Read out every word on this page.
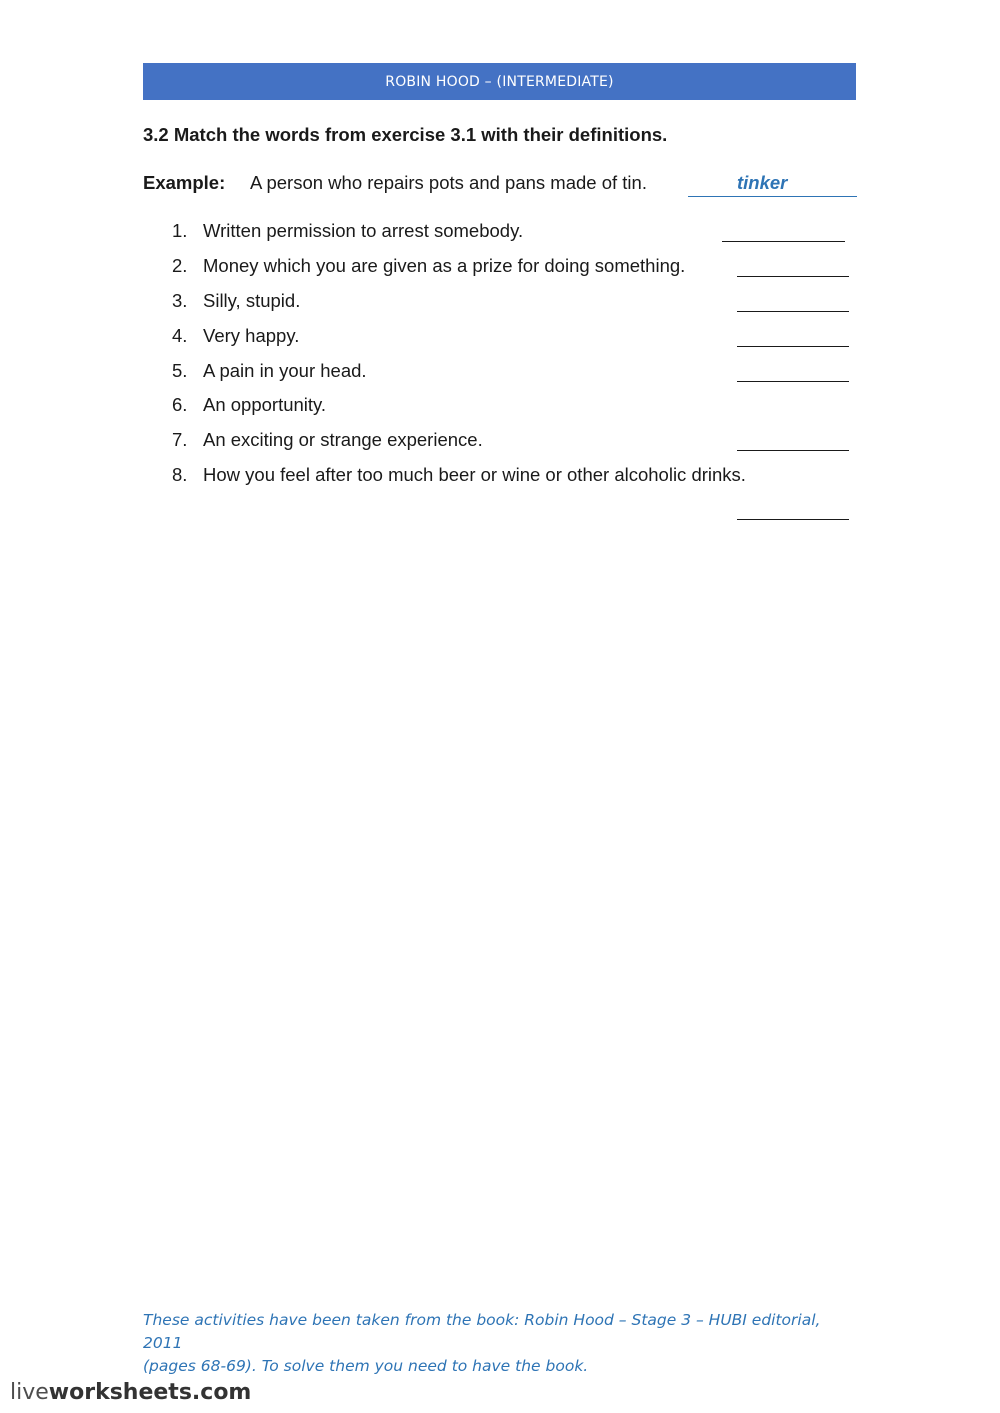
ROBIN HOOD – (INTERMEDIATE)
3.2 Match the words from exercise 3.1 with their definitions.
Example: A person who repairs pots and pans made of tin.	tinker
1. Written permission to arrest somebody.
2. Money which you are given as a prize for doing something.
3. Silly, stupid.
4. Very happy.
5. A pain in your head.
6. An opportunity.
7. An exciting or strange experience.
8. How you feel after too much beer or wine or other alcoholic drinks.
These activities have been taken from the book: Robin Hood – Stage 3 – HUBI editorial, 2011
(pages 68-69). To solve them you need to have the book.
liveworksheets.com
